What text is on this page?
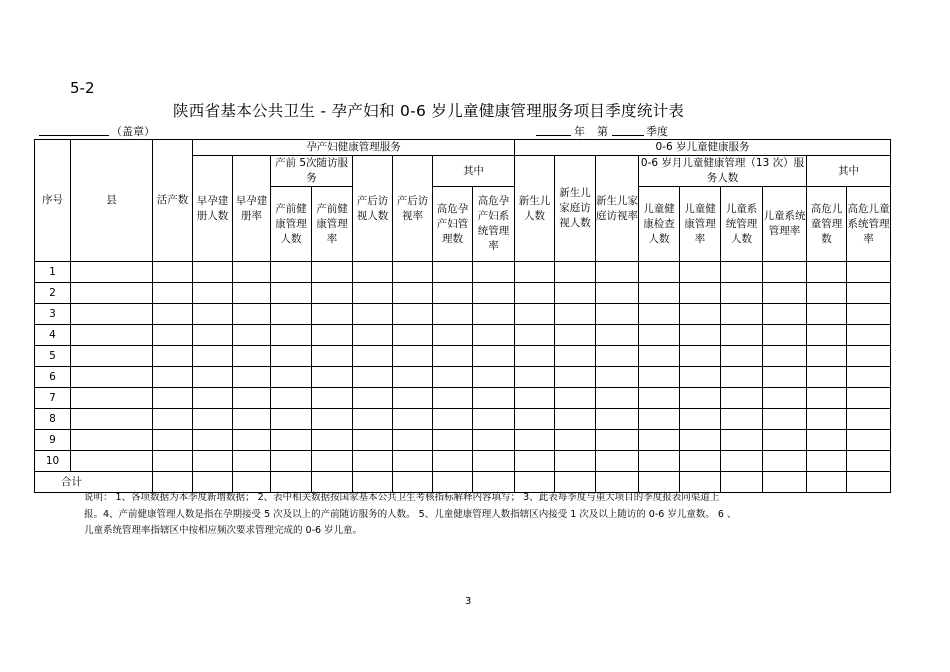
5-2
陕西省基本公共卫生 - 孕产妇和 0-6 岁儿童健康管理服务项目季度统计表
（盖章）	年 第	季度
序号	县	活产数	孕产妇健康管理服务								0-6 岁儿童健康服务								
			早孕建册人数	早孕建册率	产前 5次随访服务		产后访视人数	产后访视率	其中		新生儿人数	新生儿家庭访视人数	新生儿家庭访视率	0-6 岁月儿童健康管理（13 次）服务人数				其中	
					产前健康管理人数	产前健康管理率			高危孕产妇管理数	高危孕产妇系统管理率				儿童健康检查人数	儿童健康管理率	儿童系统管理人数	儿童系统管理率	高危儿童管理数	高危儿童系统管理率
1																			
2																			
3																			
4																			
5																			
6																			
7																			
8																			
9																			
10																			
合计																			
说明： 1、各项数据为本季度新增数据； 2、表中相关数据按国家基本公共卫生考核指标解释内容填写； 3、此表每季度与重大项目的季度报表同渠道上
报。4、产前健康管理人数是指在孕期接受 5 次及以上的产前随访服务的人数。 5、儿童健康管理人数指辖区内接受 1 次及以上随访的 0-6 岁儿童数。 6 、
儿童系统管理率指辖区中按相应频次要求管理完成的 0-6 岁儿童。
3
